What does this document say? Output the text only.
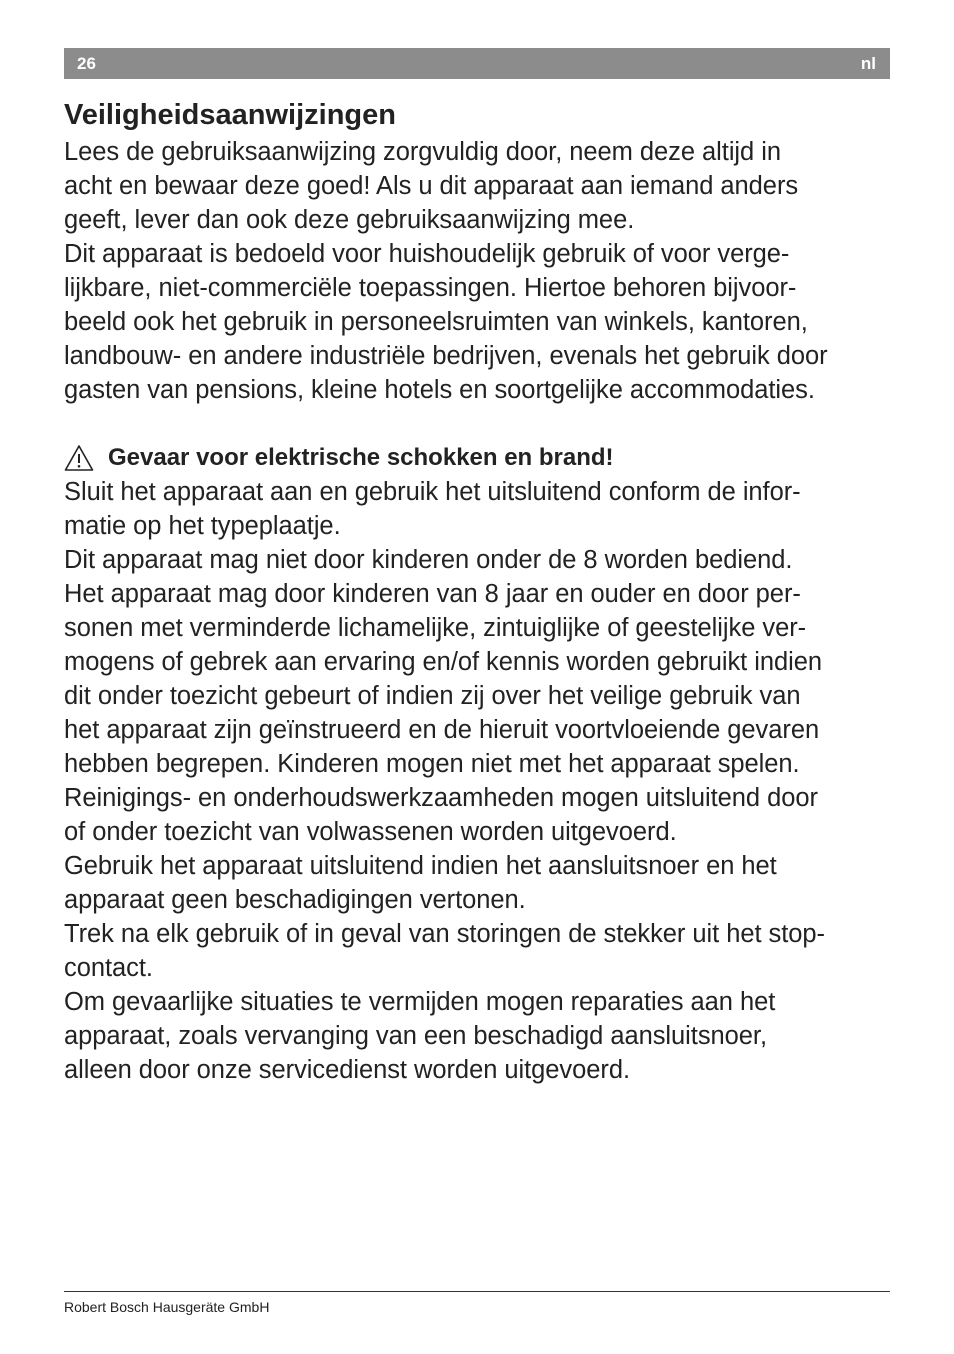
26	nl
Veiligheidsaanwijzingen

Lees de gebruiksaanwijzing zorgvuldig door, neem deze altijd in
acht en bewaar deze goed! Als u dit apparaat aan iemand anders
geeft, lever dan ook deze gebruiksaanwijzing mee.
Dit apparaat is bedoeld voor huishoudelijk gebruik of voor verge-
lijkbare, niet-commerciële toepassingen. Hiertoe behoren bijvoor-
beeld ook het gebruik in personeelsruimten van winkels, kantoren,
landbouw- en andere industriële bedrijven, evenals het gebruik door
gasten van pensions, kleine hotels en soortgelijke accommodaties.

Gevaar voor elektrische schokken en brand!

Sluit het apparaat aan en gebruik het uitsluitend conform de infor-
matie op het typeplaatje.
Dit apparaat mag niet door kinderen onder de 8 worden bediend.
Het apparaat mag door kinderen van 8 jaar en ouder en door per-
sonen met verminderde lichamelijke, zintuiglijke of geestelijke ver-
mogens of gebrek aan ervaring en/of kennis worden gebruikt indien
dit onder toezicht gebeurt of indien zij over het veilige gebruik van
het apparaat zijn geïnstrueerd en de hieruit voortvloeiende gevaren
hebben begrepen. Kinderen mogen niet met het apparaat spelen.
Reinigings- en onderhoudswerkzaamheden mogen uitsluitend door
of onder toezicht van volwassenen worden uitgevoerd.
Gebruik het apparaat uitsluitend indien het aansluitsnoer en het
apparaat geen beschadigingen vertonen.
Trek na elk gebruik of in geval van storingen de stekker uit het stop-
contact.
Om gevaarlijke situaties te vermijden mogen reparaties aan het
apparaat, zoals vervanging van een beschadigd aansluitsnoer,
alleen door onze servicedienst worden uitgevoerd.

Robert Bosch Hausgeräte GmbH
